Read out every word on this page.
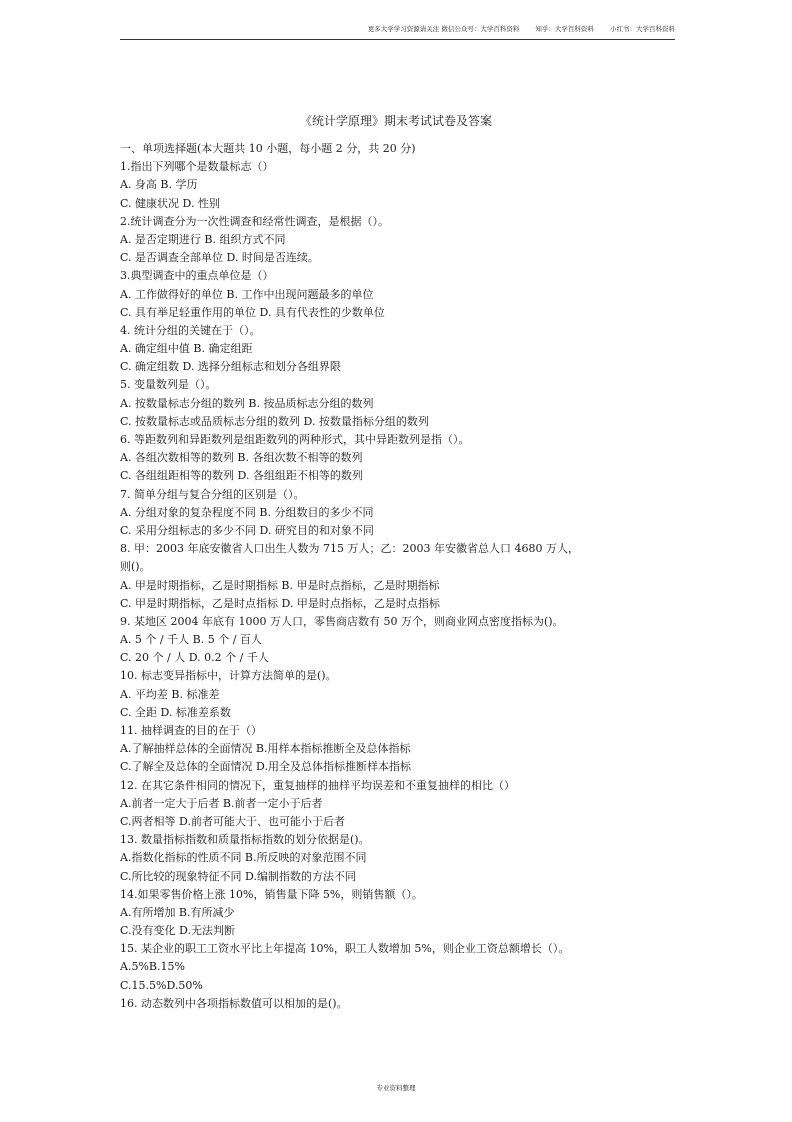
更多大学学习资源请关注 微信公众号：大学百科资料 知乎：大学百科资料 小红书：大学百科资料
《统计学原理》期末考试试卷及答案
一、单项选择题(本大题共 10 小题，每小题 2 分，共 20 分)
1.指出下列哪个是数量标志（）
A. 身高 B. 学历
C. 健康状况 D. 性别
2.统计调查分为一次性调查和经常性调查，是根据（）。
A. 是否定期进行 B. 组织方式不同
C. 是否调查全部单位 D. 时间是否连续。
3.典型调查中的重点单位是（）
A. 工作做得好的单位 B. 工作中出现问题最多的单位
C. 具有举足轻重作用的单位 D. 具有代表性的少数单位
4. 统计分组的关键在于（）。
A. 确定组中值 B. 确定组距
C. 确定组数 D. 选择分组标志和划分各组界限
5. 变量数列是（）。
A. 按数量标志分组的数列 B. 按品质标志分组的数列
C. 按数量标志或品质标志分组的数列 D. 按数量指标分组的数列
6. 等距数列和异距数列是组距数列的两种形式，其中异距数列是指（）。
A. 各组次数相等的数列 B. 各组次数不相等的数列
C. 各组组距相等的数列 D. 各组组距不相等的数列
7. 简单分组与复合分组的区别是（）。
A. 分组对象的复杂程度不同 B. 分组数目的多少不同
C. 采用分组标志的多少不同 D. 研究目的和对象不同
8. 甲：2003 年底安徽省人口出生人数为 715 万人；乙：2003 年安徽省总人口 4680 万人，
则()。
A. 甲是时期指标，乙是时期指标 B. 甲是时点指标，乙是时期指标
C. 甲是时期指标，乙是时点指标 D. 甲是时点指标，乙是时点指标
9. 某地区 2004 年底有 1000 万人口，零售商店数有 50 万个，则商业网点密度指标为()。
A. 5 个 / 千人 B. 5 个 / 百人
C. 20 个 / 人 D. 0.2 个 / 千人
10. 标志变异指标中，计算方法简单的是()。
A. 平均差 B. 标准差
C. 全距 D. 标准差系数
11. 抽样调查的目的在于（）
A.了解抽样总体的全面情况 B.用样本指标推断全及总体指标
C.了解全及总体的全面情况 D.用全及总体指标推断样本指标
12. 在其它条件相同的情况下，重复抽样的抽样平均误差和不重复抽样的相比（）
A.前者一定大于后者 B.前者一定小于后者
C.两者相等 D.前者可能大于、也可能小于后者
13. 数量指标指数和质量指标指数的划分依据是()。
A.指数化指标的性质不同 B.所反映的对象范围不同
C.所比较的现象特征不同 D.编制指数的方法不同
14.如果零售价格上涨 10%，销售量下降 5%，则销售额（）。
A.有所增加 B.有所减少
C.没有变化 D.无法判断
15. 某企业的职工工资水平比上年提高 10%，职工人数增加 5%，则企业工资总额增长（）。
A.5%B.15%
C.15.5%D.50%
16. 动态数列中各项指标数值可以相加的是()。
专业资料整理
